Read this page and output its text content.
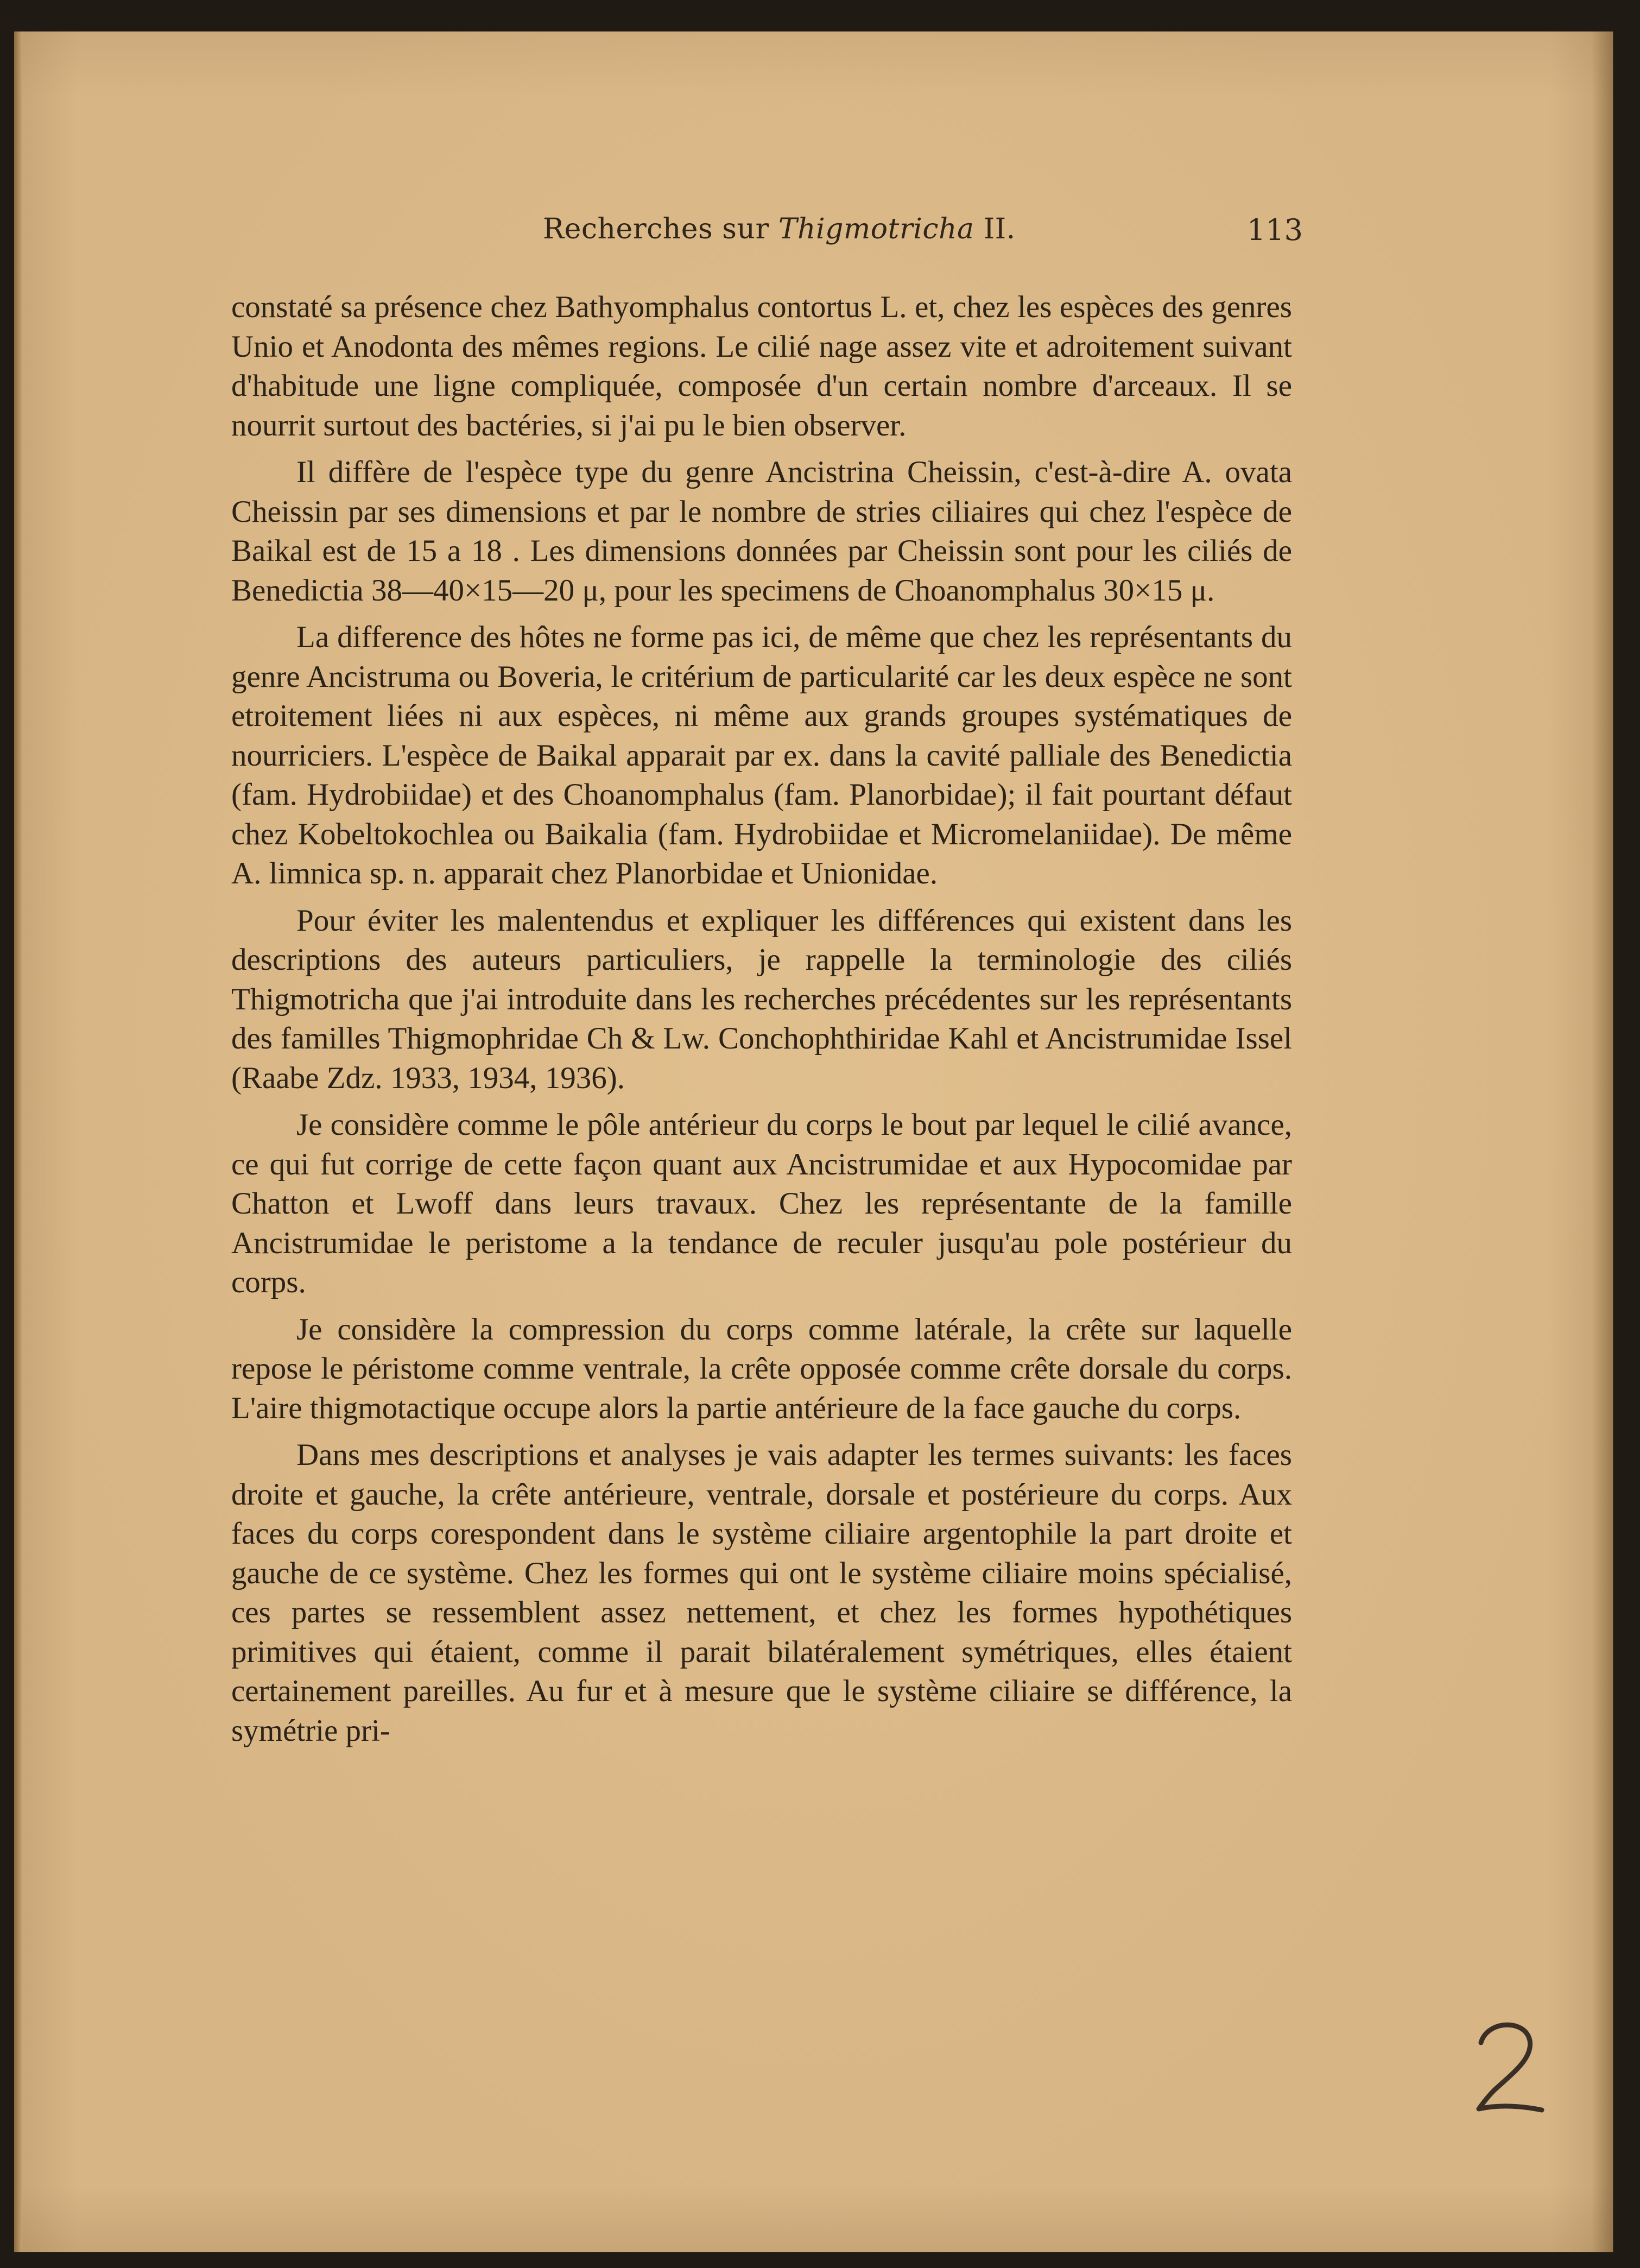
Recherches sur Thigmotricha II.	113

constaté sa présence chez Bathyomphalus contortus L. et, chez les espèces des genres Unio et Anodonta des mêmes regions. Le cilié nage assez vite et adroitement suivant d'habitude une ligne compliquée, composée d'un certain nombre d'arceaux. Il se nourrit surtout des bactéries, si j'ai pu le bien observer.

Il diffère de l'espèce type du genre Ancistrina Cheissin, c'est-à-dire A. ovata Cheissin par ses dimensions et par le nombre de stries ciliaires qui chez l'espèce de Baikal est de 15 a 18 . Les dimensions données par Cheissin sont pour les ciliés de Benedictia 38—40×15—20 μ, pour les specimens de Choanomphalus 30×15 μ.

La difference des hôtes ne forme pas ici, de même que chez les représentants du genre Ancistruma ou Boveria, le critérium de particularité car les deux espèce ne sont etroitement liées ni aux espèces, ni même aux grands groupes systématiques de nourriciers. L'espèce de Baikal apparait par ex. dans la cavité palliale des Benedictia (fam. Hydrobiidae) et des Choanomphalus (fam. Planorbidae); il fait pourtant défaut chez Kobeltokochlea ou Baikalia (fam. Hydrobiidae et Micromelaniidae). De même A. limnica sp. n. apparait chez Planorbidae et Unionidae.

Pour éviter les malentendus et expliquer les différences qui existent dans les descriptions des auteurs particuliers, je rappelle la terminologie des ciliés Thigmotricha que j'ai introduite dans les recherches précédentes sur les représentants des familles Thigmophridae Ch & Lw. Conchophthiridae Kahl et Ancistrumidae Issel (Raabe Zdz. 1933, 1934, 1936).

Je considère comme le pôle antérieur du corps le bout par lequel le cilié avance, ce qui fut corrige de cette façon quant aux Ancistrumidae et aux Hypocomidae par Chatton et Lwoff dans leurs travaux. Chez les représentante de la famille Ancistrumidae le peristome a la tendance de reculer jusqu'au pole postérieur du corps.

Je considère la compression du corps comme latérale, la crête sur laquelle repose le péristome comme ventrale, la crête opposée comme crête dorsale du corps. L'aire thigmotactique occupe alors la partie antérieure de la face gauche du corps.

Dans mes descriptions et analyses je vais adapter les termes suivants: les faces droite et gauche, la crête antérieure, ventrale, dorsale et postérieure du corps. Aux faces du corps corespondent dans le système ciliaire argentophile la part droite et gauche de ce système. Chez les formes qui ont le système ciliaire moins spécialisé, ces partes se ressemblent assez nettement, et chez les formes hypothétiques primitives qui étaient, comme il parait bilatéralement symétriques, elles étaient certainement pareilles. Au fur et à mesure que le système ciliaire se différence, la symétrie pri-
